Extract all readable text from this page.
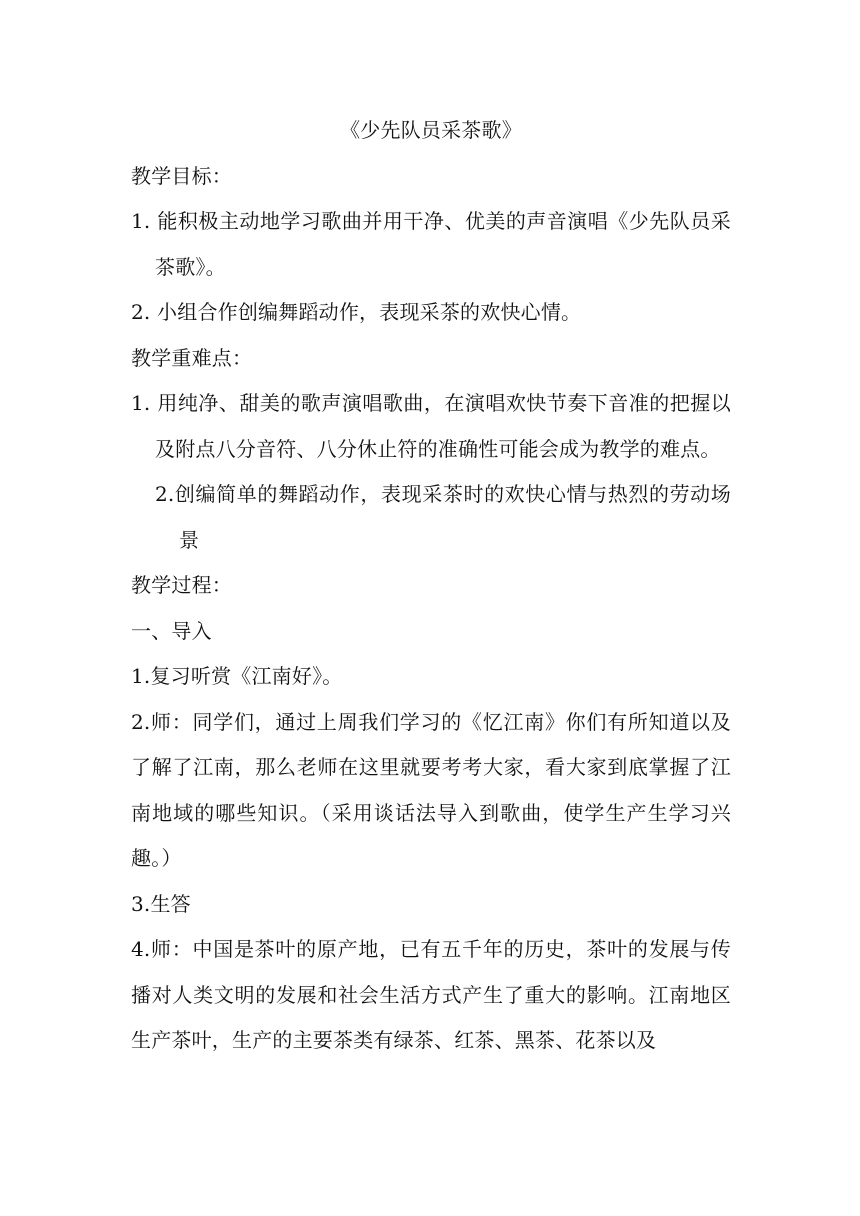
《少先队员采茶歌》

教学目标：

1. 能积极主动地学习歌曲并用干净、优美的声音演唱《少先队员采茶歌》。

2. 小组合作创编舞蹈动作，表现采茶的欢快心情。

教学重难点：

1. 用纯净、甜美的歌声演唱歌曲，在演唱欢快节奏下音准的把握以及附点八分音符、八分休止符的准确性可能会成为教学的难点。

2.创编简单的舞蹈动作，表现采茶时的欢快心情与热烈的劳动场景

教学过程：

一、导入

1.复习听赏《江南好》。

2.师：同学们，通过上周我们学习的《忆江南》你们有所知道以及了解了江南，那么老师在这里就要考考大家，看大家到底掌握了江南地域的哪些知识。（采用谈话法导入到歌曲，使学生产生学习兴趣。）

3.生答

4.师：中国是茶叶的原产地，已有五千年的历史，茶叶的发展与传播对人类文明的发展和社会生活方式产生了重大的影响。江南地区生产茶叶，生产的主要茶类有绿茶、红茶、黑茶、花茶以及
